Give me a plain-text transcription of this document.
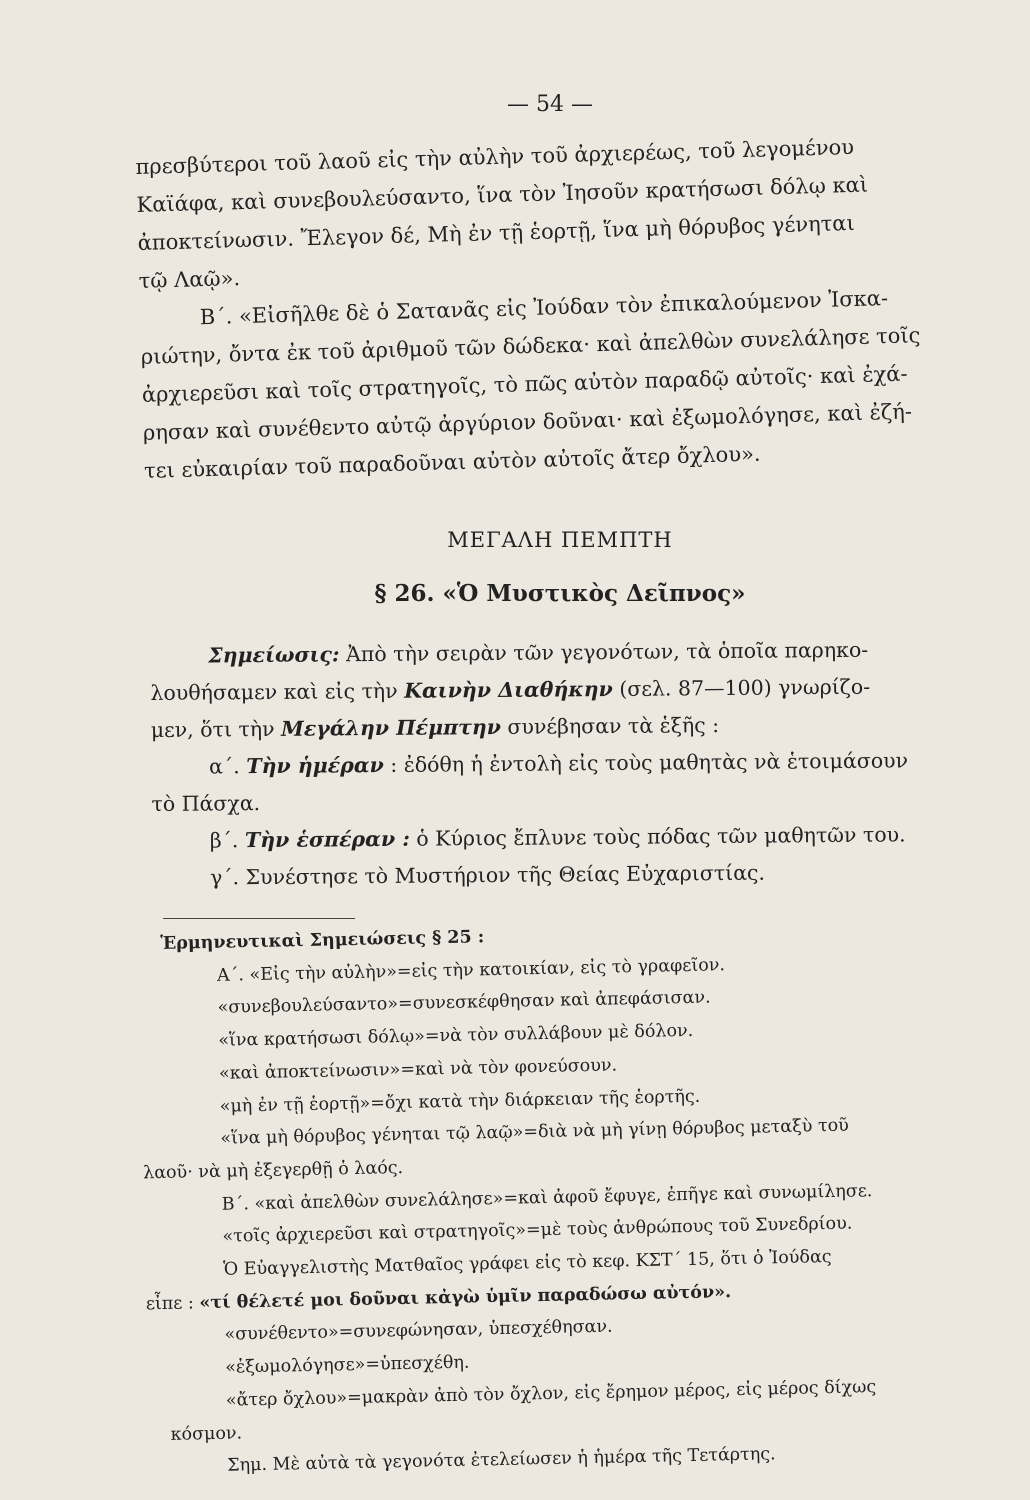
— 54 —
πρεσβύτεροι τοῦ λαοῦ εἰς τὴν αὐλὴν τοῦ ἀρχιερέως, τοῦ λεγομένου
Καϊάφα, καὶ συνεβουλεύσαντο, ἵνα τὸν Ἰησοῦν κρατήσωσι δόλῳ καὶ
ἀποκτείνωσιν. Ἔλεγον δέ, Μὴ ἐν τῇ ἑορτῇ, ἵνα μὴ θόρυβος γένηται
τῷ Λαῷ».
Β΄. «Εἰσῆλθε δὲ ὁ Σατανᾶς εἰς Ἰούδαν τὸν ἐπικαλούμενον Ἰσκα-
ριώτην, ὄντα ἐκ τοῦ ἀριθμοῦ τῶν δώδεκα· καὶ ἀπελθὼν συνελάλησε τοῖς
ἀρχιερεῦσι καὶ τοῖς στρατηγοῖς, τὸ πῶς αὐτὸν παραδῷ αὐτοῖς· καὶ ἐχά-
ρησαν καὶ συνέθεντο αὐτῷ ἀργύριον δοῦναι· καὶ ἐξωμολόγησε, καὶ ἐζή-
τει εὐκαιρίαν τοῦ παραδοῦναι αὐτὸν αὐτοῖς ἄτερ ὄχλου».
ΜΕΓΑΛΗ ΠΕΜΠΤΗ
§ 26. «Ὁ Μυστικὸς Δεῖπνος»
Σημείωσις: Ἀπὸ τὴν σειρὰν τῶν γεγονότων, τὰ ὁποῖα παρηκο-
λουθήσαμεν καὶ εἰς τὴν Καινὴν Διαθήκην (σελ. 87—100) γνωρίζο-
μεν, ὅτι τὴν Μεγάλην Πέμπτην συνέβησαν τὰ ἑξῆς :
α΄. Τὴν ἡμέραν : ἐδόθη ἡ ἐντολὴ εἰς τοὺς μαθητὰς νὰ ἑτοιμάσουν
τὸ Πάσχα.
β΄. Τὴν ἑσπέραν : ὁ Κύριος ἔπλυνε τοὺς πόδας τῶν μαθητῶν του.
γ΄. Συνέστησε τὸ Μυστήριον τῆς Θείας Εὐχαριστίας.
Ἑρμηνευτικαὶ Σημειώσεις § 25 :
Α΄. «Εἰς τὴν αὐλὴν»=εἰς τὴν κατοικίαν, εἰς τὸ γραφεῖον.
«συνεβουλεύσαντο»=συνεσκέφθησαν καὶ ἀπεφάσισαν.
«ἵνα κρατήσωσι δόλῳ»=νὰ τὸν συλλάβουν μὲ δόλον.
«καὶ ἀποκτείνωσιν»=καὶ νὰ τὸν φονεύσουν.
«μὴ ἐν τῇ ἑορτῇ»=ὄχι κατὰ τὴν διάρκειαν τῆς ἑορτῆς.
«ἵνα μὴ θόρυβος γένηται τῷ λαῷ»=διὰ νὰ μὴ γίνῃ θόρυβος μεταξὺ τοῦ
λαοῦ· νὰ μὴ ἐξεγερθῇ ὁ λαός.
Β΄. «καὶ ἀπελθὼν συνελάλησε»=καὶ ἀφοῦ ἔφυγε, ἐπῆγε καὶ συνωμίλησε.
«τοῖς ἀρχιερεῦσι καὶ στρατηγοῖς»=μὲ τοὺς ἀνθρώπους τοῦ Συνεδρίου.
Ὁ Εὐαγγελιστὴς Ματθαῖος γράφει εἰς τὸ κεφ. ΚΣΤ΄ 15, ὅτι ὁ Ἰούδας
εἶπε : «τί θέλετέ μοι δοῦναι κἀγὼ ὑμῖν παραδώσω αὐτόν».
«συνέθεντο»=συνεφώνησαν, ὑπεσχέθησαν.
«ἐξωμολόγησε»=ὑπεσχέθη.
«ἄτερ ὄχλου»=μακρὰν ἀπὸ τὸν ὄχλον, εἰς ἔρημον μέρος, εἰς μέρος δίχως
κόσμον.
Σημ. Μὲ αὐτὰ τὰ γεγονότα ἐτελείωσεν ἡ ἡμέρα τῆς Τετάρτης.
